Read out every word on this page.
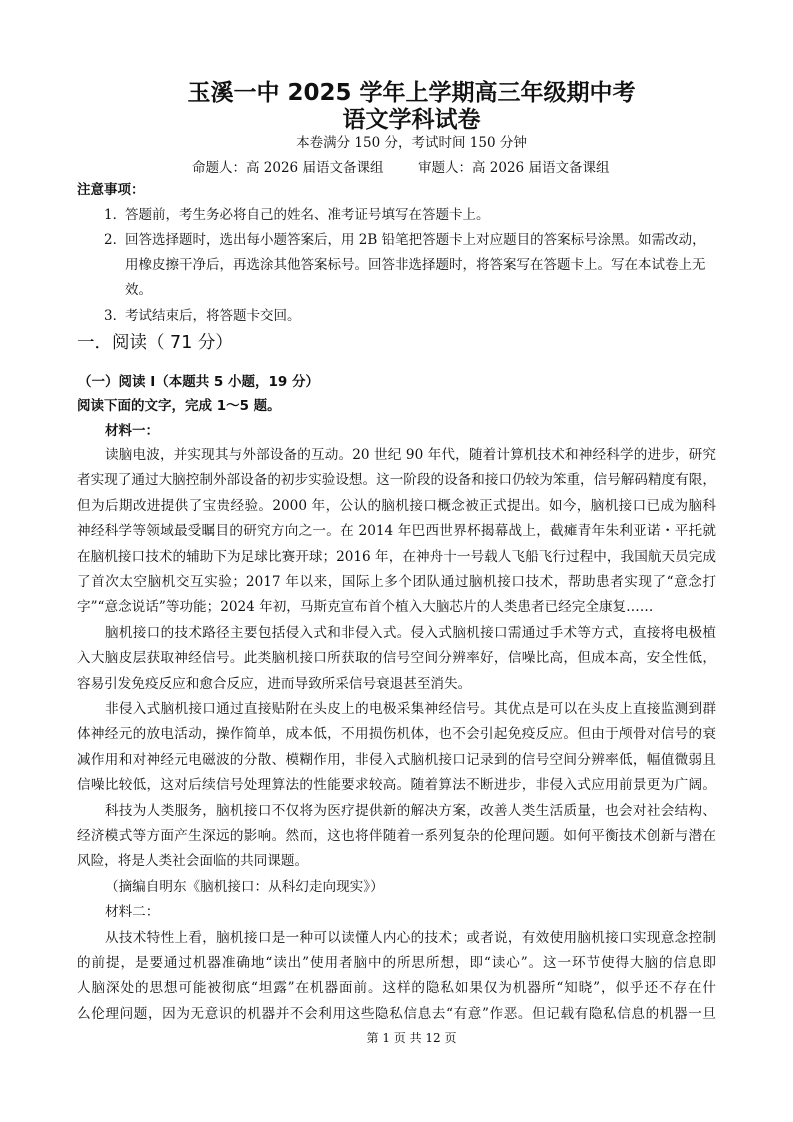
玉溪一中 2025 学年上学期高三年级期中考
语文学科试卷
本卷满分 150 分，考试时间 150 分钟
命题人：高 2026 届语文备课组	审题人：高 2026 届语文备课组
注意事项：
1．
答题前，考生务必将自己的姓名、准考证号填写在答题卡上。
2．
回答选择题时，选出每小题答案后，用 2B 铅笔把答题卡上对应题目的答案标号涂黑。如需改动，
用橡皮擦干净后，再选涂其他答案标号。回答非选择题时，将答案写在答题卡上。写在本试卷上无
效。
3．
考试结束后，将答题卡交回。
一．阅读（ 71 分）
（一）阅读 I（本题共 5 小题，19 分）
阅读下面的文字，完成 1～5 题。
材料一：
读脑电波，并实现其与外部设备的互动。20 世纪 90 年代，随着计算机技术和神经科学的进步，研究
者实现了通过大脑控制外部设备的初步实验设想。这一阶段的设备和接口仍较为笨重，信号解码精度有限，
但为后期改进提供了宝贵经验。2000 年，公认的脑机接口概念被正式提出。如今，脑机接口已成为脑科
神经科学等领域最受瞩目的研究方向之一。在 2014 年巴西世界杯揭幕战上，截瘫青年朱利亚诺・平托就
在脑机接口技术的辅助下为足球比赛开球；2016 年，在神舟十一号载人飞船飞行过程中，我国航天员完成
了首次太空脑机交互实验；2017 年以来，国际上多个团队通过脑机接口技术，帮助患者实现了“意念打
字”“意念说话”等功能；2024 年初，马斯克宣布首个植入大脑芯片的人类患者已经完全康复……
脑机接口的技术路径主要包括侵入式和非侵入式。侵入式脑机接口需通过手术等方式，直接将电极植
入大脑皮层获取神经信号。此类脑机接口所获取的信号空间分辨率好，信噪比高，但成本高，安全性低，
容易引发免疫反应和愈合反应，进而导致所采信号衰退甚至消失。
非侵入式脑机接口通过直接贴附在头皮上的电极采集神经信号。其优点是可以在头皮上直接监测到群
体神经元的放电活动，操作简单，成本低，不用损伤机体，也不会引起免疫反应。但由于颅骨对信号的衰
减作用和对神经元电磁波的分散、模糊作用，非侵入式脑机接口记录到的信号空间分辨率低，幅值微弱且
信噪比较低，这对后续信号处理算法的性能要求较高。随着算法不断进步，非侵入式应用前景更为广阔。
科技为人类服务，脑机接口不仅将为医疗提供新的解决方案，改善人类生活质量，也会对社会结构、
经济模式等方面产生深远的影响。然而，这也将伴随着一系列复杂的伦理问题。如何平衡技术创新与潜在
风险，将是人类社会面临的共同课题。
（摘编自明东《脑机接口：从科幻走向现实》）
材料二：
从技术特性上看，脑机接口是一种可以读懂人内心的技术；或者说，有效使用脑机接口实现意念控制
的前提，是要通过机器准确地“读出”使用者脑中的所思所想，即“读心”。这一环节使得大脑的信息即
人脑深处的思想可能被彻底“坦露”在机器面前。这样的隐私如果仅为机器所“知晓”，似乎还不存在什
么伦理问题，因为无意识的机器并不会利用这些隐私信息去“有意”作恶。但记载有隐私信息的机器一旦
第 1 页 共 12 页
